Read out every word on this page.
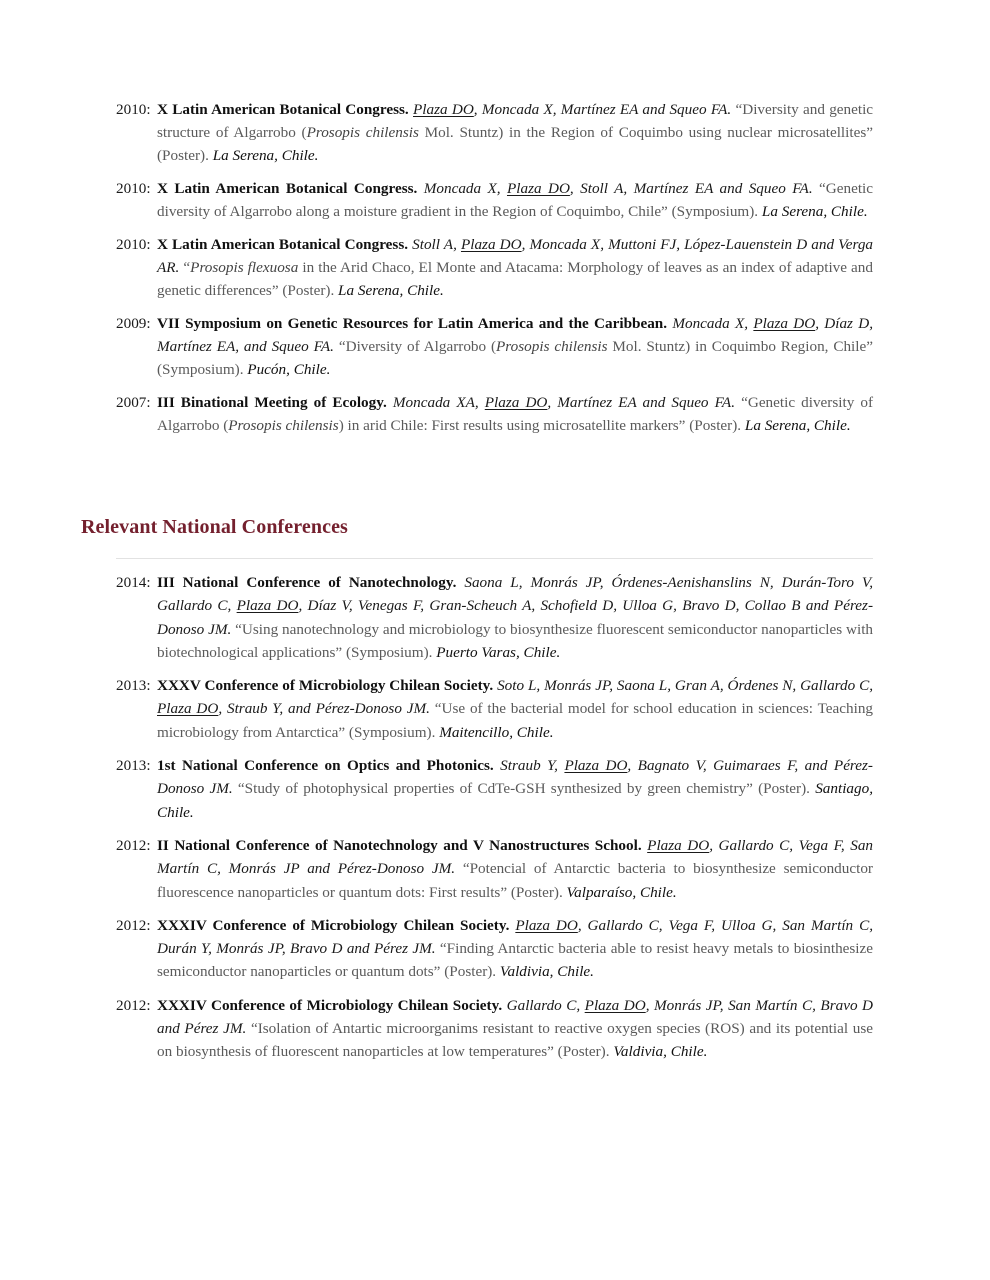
2010: X Latin American Botanical Congress. Plaza DO, Moncada X, Martínez EA and Squeo FA. “Diversity and genetic structure of Algarrobo (Prosopis chilensis Mol. Stuntz) in the Region of Coquimbo using nuclear microsatellites” (Poster). La Serena, Chile.
2010: X Latin American Botanical Congress. Moncada X, Plaza DO, Stoll A, Martínez EA and Squeo FA. “Genetic diversity of Algarrobo along a moisture gradient in the Region of Coquimbo, Chile” (Symposium). La Serena, Chile.
2010: X Latin American Botanical Congress. Stoll A, Plaza DO, Moncada X, Muttoni FJ, López-Lauenstein D and Verga AR. “Prosopis flexuosa in the Arid Chaco, El Monte and Atacama: Morphology of leaves as an index of adaptive and genetic differences” (Poster). La Serena, Chile.
2009: VII Symposium on Genetic Resources for Latin America and the Caribbean. Moncada X, Plaza DO, Díaz D, Martínez EA, and Squeo FA. “Diversity of Algarrobo (Prosopis chilensis Mol. Stuntz) in Coquimbo Region, Chile” (Symposium). Pucón, Chile.
2007: III Binational Meeting of Ecology. Moncada XA, Plaza DO, Martínez EA and Squeo FA. “Genetic diversity of Algarrobo (Prosopis chilensis) in arid Chile: First results using microsatellite markers” (Poster). La Serena, Chile.
Relevant National Conferences
2014: III National Conference of Nanotechnology. Saona L, Monrás JP, Órdenes-Aenishanslins N, Durán-Toro V, Gallardo C, Plaza DO, Díaz V, Venegas F, Gran-Scheuch A, Schofield D, Ulloa G, Bravo D, Collao B and Pérez-Donoso JM. “Using nanotechnology and microbiology to biosynthesize fluorescent semiconductor nanoparticles with biotechnological applications” (Symposium). Puerto Varas, Chile.
2013: XXXV Conference of Microbiology Chilean Society. Soto L, Monrás JP, Saona L, Gran A, Órdenes N, Gallardo C, Plaza DO, Straub Y, and Pérez-Donoso JM. “Use of the bacterial model for school education in sciences: Teaching microbiology from Antarctica” (Symposium). Maitencillo, Chile.
2013: 1st National Conference on Optics and Photonics. Straub Y, Plaza DO, Bagnato V, Guimaraes F, and Pérez-Donoso JM. “Study of photophysical properties of CdTe-GSH synthesized by green chemistry” (Poster). Santiago, Chile.
2012: II National Conference of Nanotechnology and V Nanostructures School. Plaza DO, Gallardo C, Vega F, San Martín C, Monrás JP and Pérez-Donoso JM. “Potencial of Antarctic bacteria to biosynthesize semiconductor fluorescence nanoparticles or quantum dots: First results” (Poster). Valparaíso, Chile.
2012: XXXIV Conference of Microbiology Chilean Society. Plaza DO, Gallardo C, Vega F, Ulloa G, San Martín C, Durán Y, Monrás JP, Bravo D and Pérez JM. “Finding Antarctic bacteria able to resist heavy metals to biosinthesize semiconductor nanoparticles or quantum dots” (Poster). Valdivia, Chile.
2012: XXXIV Conference of Microbiology Chilean Society. Gallardo C, Plaza DO, Monrás JP, San Martín C, Bravo D and Pérez JM. “Isolation of Antartic microorganims resistant to reactive oxygen species (ROS) and its potential use on biosynthesis of fluorescent nanoparticles at low temperatures” (Poster). Valdivia, Chile.
